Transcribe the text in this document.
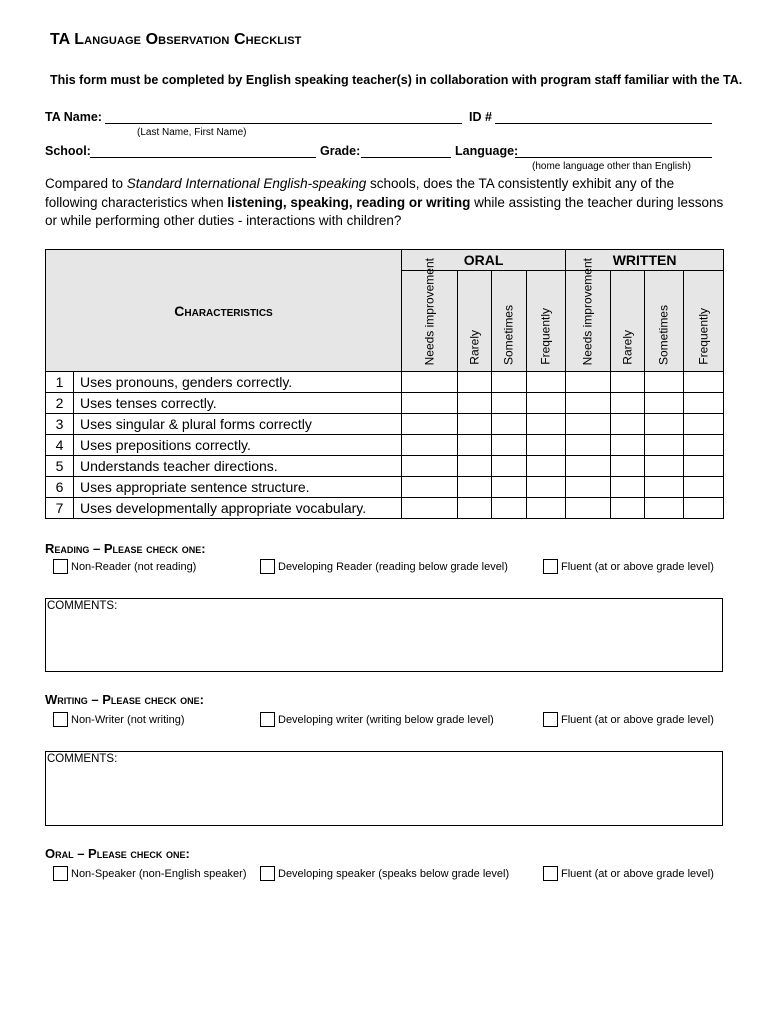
TA Language Observation Checklist
This form must be completed by English speaking teacher(s) in collaboration with program staff familiar with the TA.
TA Name:
(Last Name, First Name)
ID #
School:	Grade:	Language:
(home language other than English)
Compared to Standard International English-speaking schools, does the TA consistently exhibit any of the following characteristics when listening, speaking, reading or writing while assisting the teacher during lessons or while performing other duties - interactions with children?
Characteristics		ORAL				WRITTEN			

		Needs improvement	Rarely	Sometimes	Frequently	Needs improvement	Rarely	Sometimes	Frequently

1	Uses pronouns, genders correctly.								
2	Uses tenses correctly.								
3	Uses singular & plural forms correctly								
4	Uses prepositions correctly.								
5	Understands teacher directions.								
6	Uses appropriate sentence structure.								
7	Uses developmentally appropriate vocabulary.								
Reading – Please check one:
Non-Reader (not reading)	Developing Reader (reading below grade level)	Fluent (at or above grade level)
COMMENTS:
Writing – Please check one:
Non-Writer (not writing)	Developing writer (writing below grade level)	Fluent (at or above grade level)
COMMENTS:
Oral – Please check one:
Non-Speaker (non-English speaker)	Developing speaker (speaks below grade level)	Fluent (at or above grade level)
